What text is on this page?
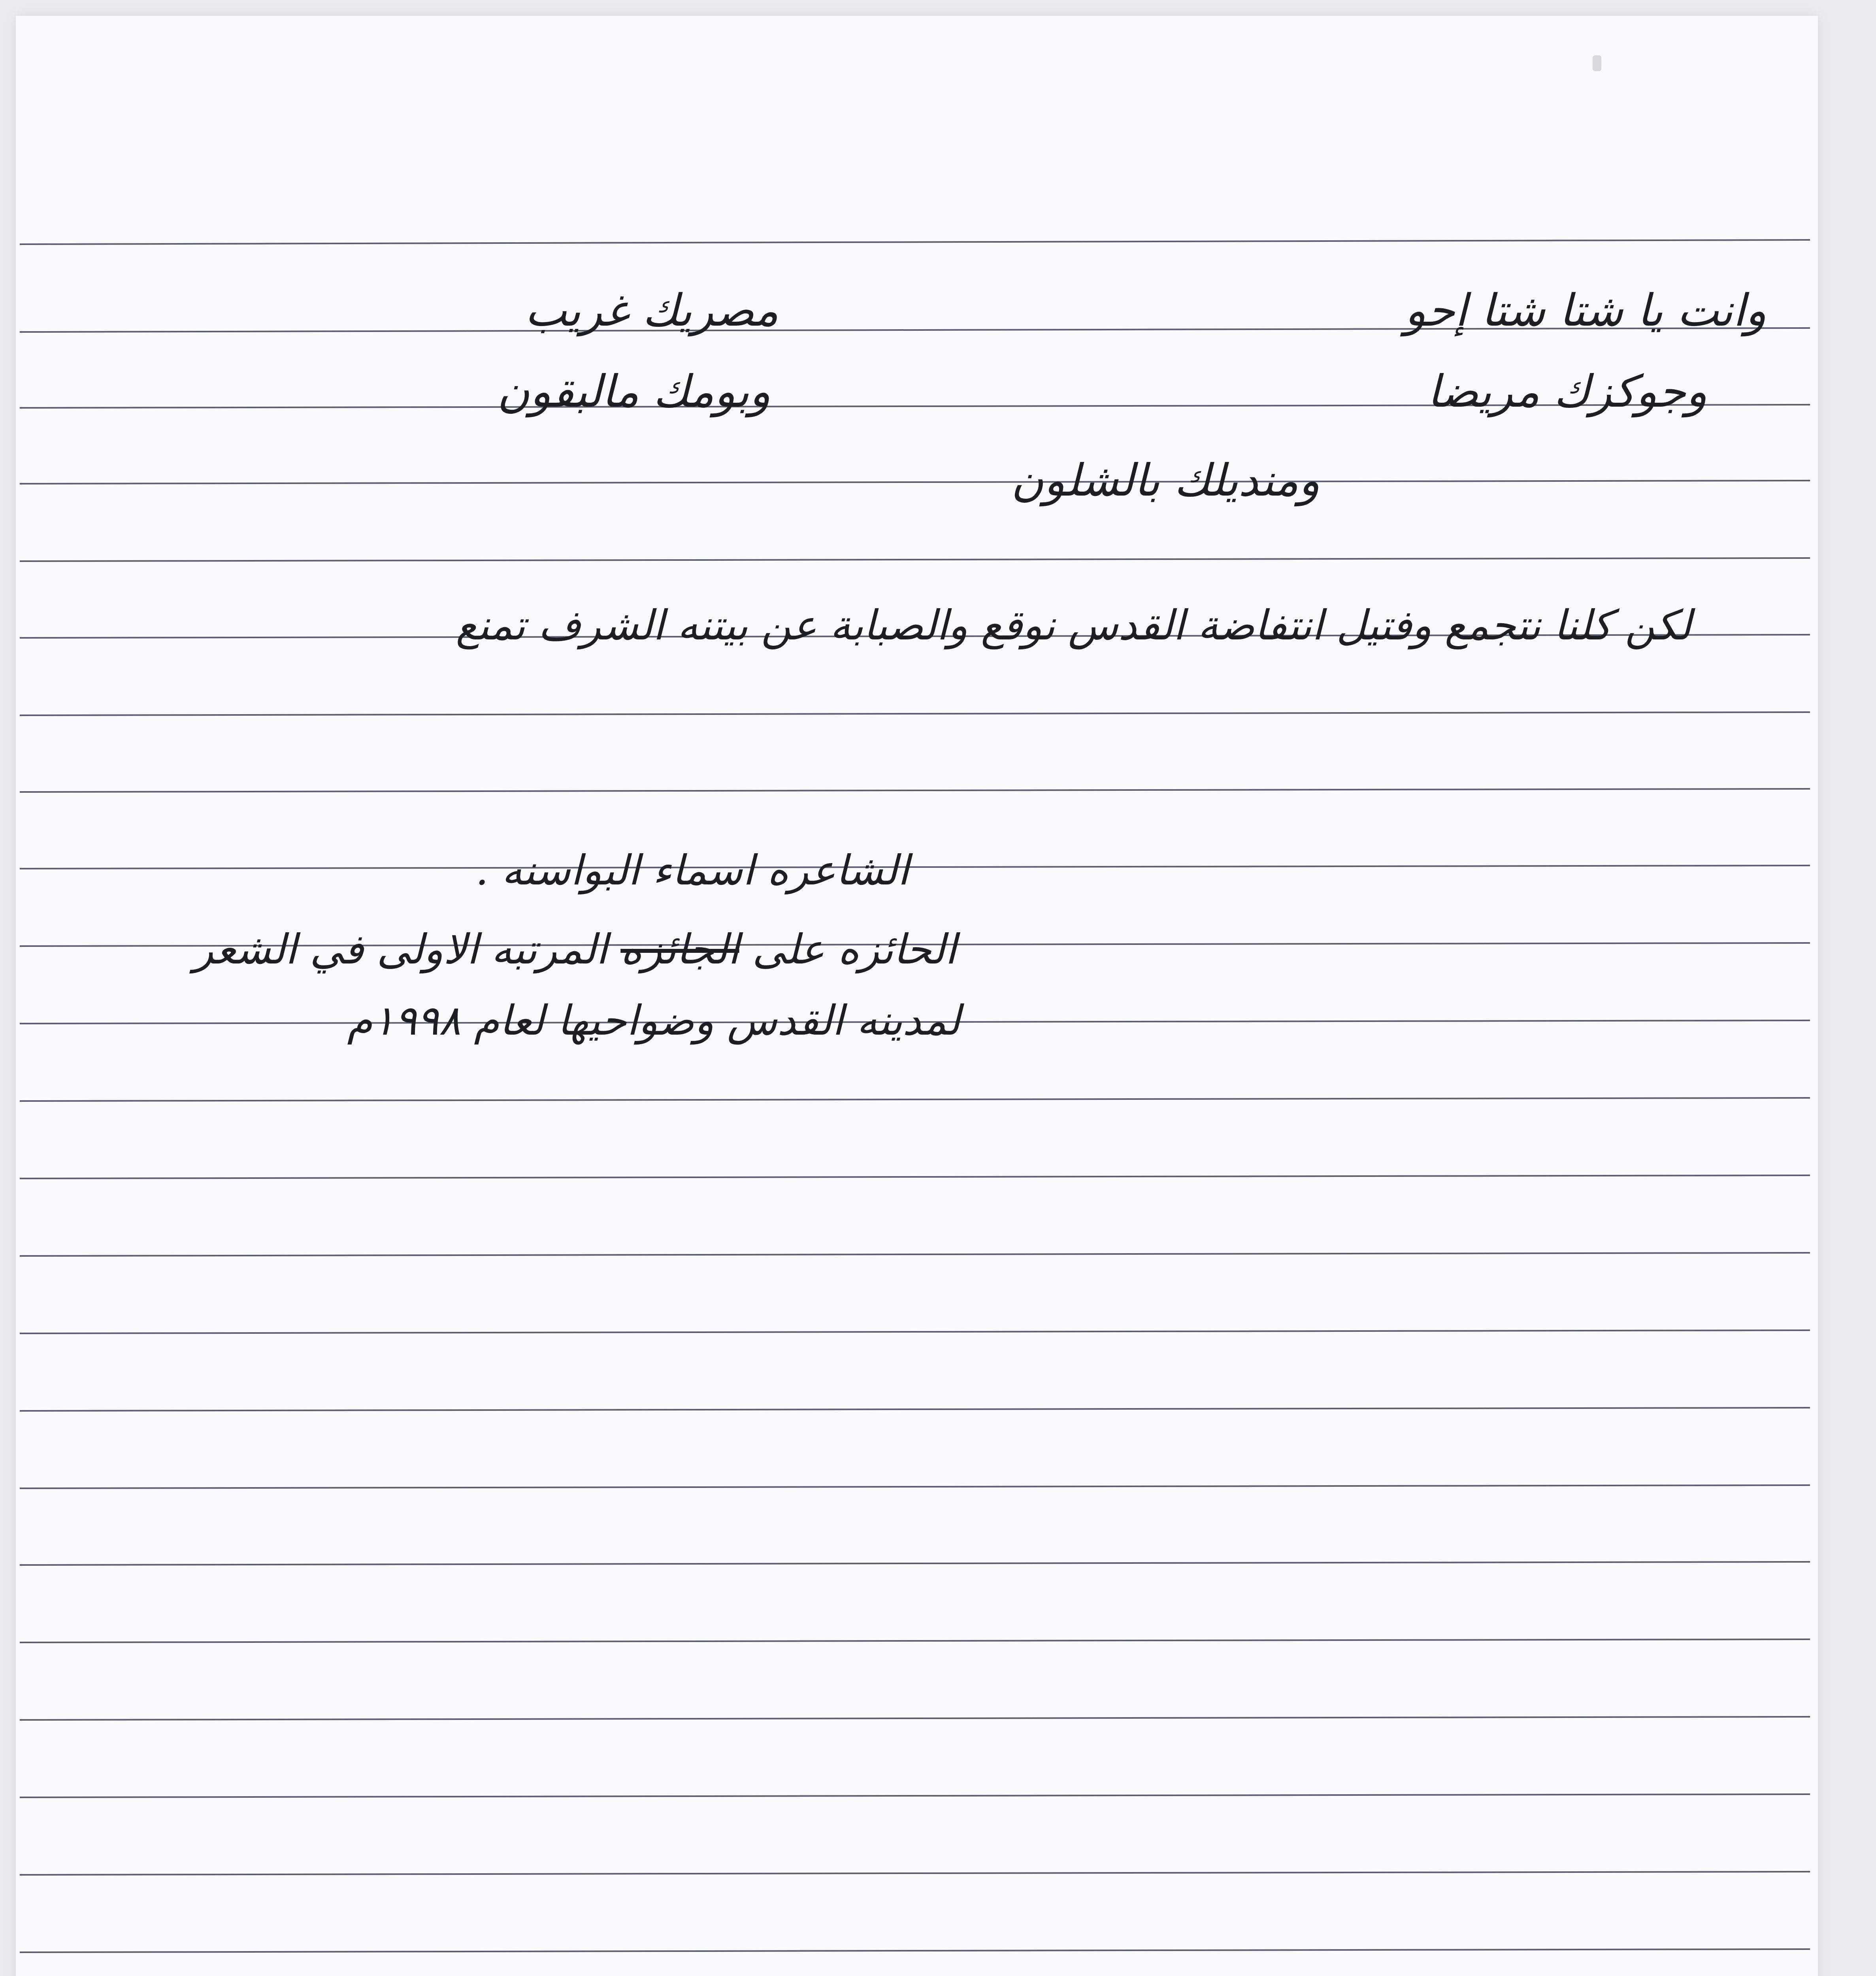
وانت يا شتا شتا إحو
مصريك غريب
وجوكزك مريضا
وبومك مالبقون
ومنديلك بالشلون
لكن كلنا نتجمع وفتيل انتفاضة القدس نوقع والصبابة عن بيتنه الشرف تمنع
الشاعره اسماء البواسنه .
الحائزه على الجائزه المرتبه الاولى في الشعر
لمدينه القدس وضواحيها لعام ١٩٩٨م
